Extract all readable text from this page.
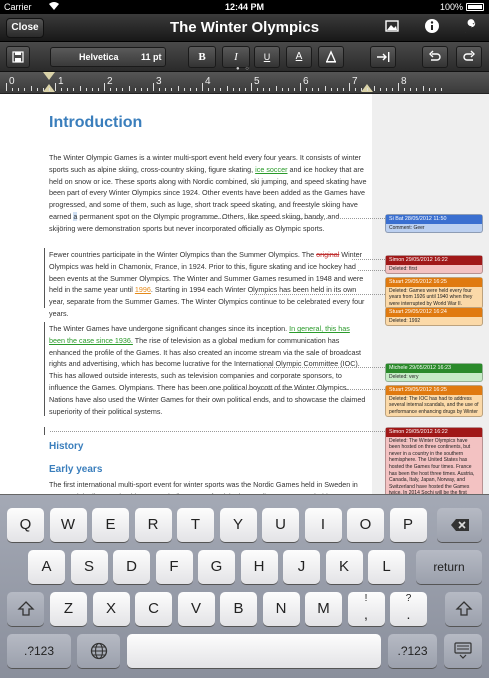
Carrier	12:44 PM	100%
Close	The Winter Olympics
Helvetica 11 pt	B	I	U	A
● ○
0	1	2	3	4	5	6	7	8
Introduction
The Winter Olympic Games is a winter multi-sport event held every four years. It consists of winter sports such as alpine skiing, cross-country skiing, figure skating, ice soccer and ice hockey that are held on snow or ice. These sports along with Nordic combined, ski jumping, and speed skating have been part of every Winter Olympics since 1924. Other events have been added as the Games have progressed, and some of them, such as luge, short track speed skating, and freestyle skiing have earned a permanent spot on the Olympic programme. Others, like speed skiing, bandy, and skijöring were demonstration sports but never incorporated officially as Olympic sports.
Fewer countries participate in the Winter Olympics than the Summer Olympics. The original Winter Olympics was held in Chamonix, France, in 1924. Prior to this, figure skating and ice hockey had been events at the Summer Olympics. The Winter and Summer Games resumed in 1948 and were held in the same year until 1996. Starting in 1994 each Winter Olympics has been held in its own year, separate from the Summer Games. The Winter Olympics continue to be celebrated every four years.
The Winter Games have undergone significant changes since its inception. In general, this has been the case since 1936. The rise of television as a global medium for communication has enhanced the profile of the Games. It has also created an income stream via the sale of broadcast rights and advertising, which has become lucrative for the International Olympic Committee (IOC). This has allowed outside interests, such as television companies and corporate sponsors, to influence the Games. Olympians. There has been one political boycott of the Winter Olympics. Nations have also used the Winter Games for their own political ends, and to showcase the claimed superiority of their political systems.
History
Early years
The first international multi-sport event for winter sports was the Nordic Games held in Sweden in
Si Bat 28/05/2012 11:50
Comment: Geer
Simon 29/05/2012 16:22
Deleted: first
Stuart 29/05/2012 16:25
Deleted: Games were held every four years from 1926 until 1940 when they were interrupted by World War II.
Stuart 29/05/2012 16:24
Deleted: 1992
Michele 29/05/2012 16:23
Deleted: very
Stuart 29/05/2012 16:25
Deleted: The IOC has had to address several internal scandals, and the use of performance enhancing drugs by Winter
Simon 29/05/2012 16:22
Deleted: The Winter Olympics have been hosted on three continents, but never in a country in the southern hemisphere. The United States has hosted the Games four times. France has been the host three times. Austria, Canada, Italy, Japan, Norway, and Switzerland have hosted the Games
return
.?123	.?123
Q	W	E	R	T	Y	U	I	O	P
A	S	D	F	G	H	J	K	L
Z	X	C	V	B	N	M
!
,
?
.
